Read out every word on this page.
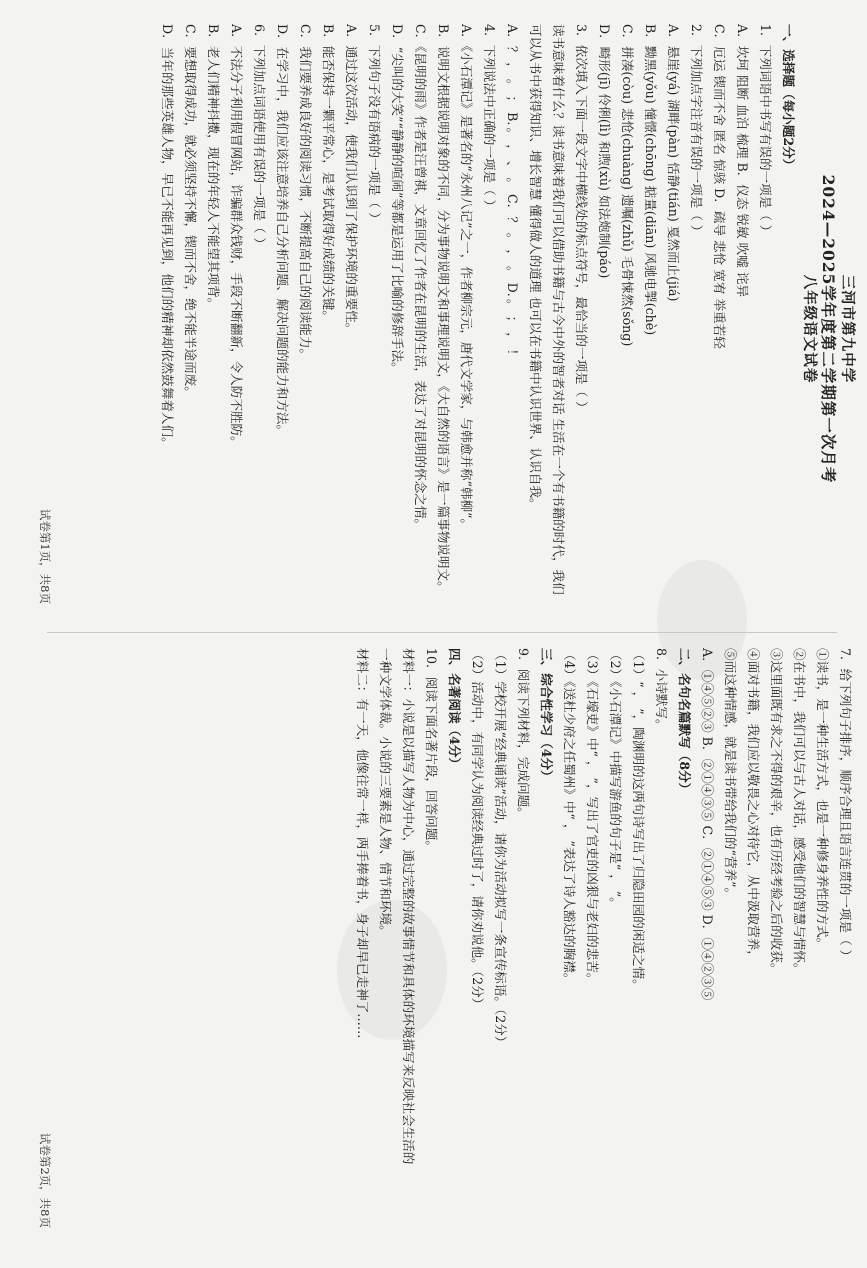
三河市第九中学
2024—2025学年度第二学期第一次月考
八年级语文试卷
一、选择题（每小题2分）
1．下列词语中书写有误的一项是（ ）
A．坎坷 阻断 血泊 梳理 B．仪态 锐敏 吹嘘 诧异
C．厄运 锲而不舍 匿名 惊骇 D．疏导 悲怆 宽宥 举重若轻
2．下列加点字注音有误的一项是（ ）
A．悬崖(yá) 湖畔(pàn) 恬静(tián) 戛然而止(jiá)
B．黝黑(yǒu) 憧憬(chōng) 掂量(diān) 风驰电掣(chè)
C．拼凑(còu) 悲怆(chuàng) 遗嘱(zhǔ) 毛骨悚然(sǒng)
D．畸形(jī) 伶俐(lì) 和煦(xù) 如法炮制(páo)
3．依次填入下面一段文字中横线处的标点符号，最恰当的一项是（ ）
读书意味着什么？读书意味着我们可以借助书籍与古今中外的智者对话 生活在一个有书籍的时代，我们
可以从书中获得知识、增长智慧 懂得做人的道理 也可以在书籍中认识世界、认识自我。
A．？ ， 。 ； B．。 ， 、 。 C．？ 。 ， 。 D．。 ； ， ！
4．下列说法中正确的一项是（ ）
A．《小石潭记》是著名的“永州八记”之一，作者柳宗元，唐代文学家，与韩愈并称“韩柳”。
B．说明文根据说明对象的不同，分为事物说明文和事理说明文，《大自然的语言》是一篇事物说明文。
C．《昆明的雨》作者是汪曾祺，文章回忆了作者在昆明的生活，表达了对昆明的怀念之情。
D．“尖叫的大笑”“静静的喧闹”等都是运用了比喻的修辞手法。
5．下列句子没有语病的一项是（ ）
A．通过这次活动，使我们认识到了保护环境的重要性。
B．能否保持一颗平常心，是考试取得好成绩的关键。
C．我们要养成良好的阅读习惯，不断提高自己的阅读能力。
D．在学习中，我们应该注意培养自己分析问题、解决问题的能力和方法。
6．下列加点词语使用有误的一项是（ ）
A．不法分子利用假冒网站，诈骗群众钱财，手段不断翻新，令人防不胜防。
B．老人们精神抖擞，现在的年轻人不能望其项背。
C．要想取得成功，就必须坚持不懈，锲而不舍，绝不能半途而废。
D．当年的那些英雄人物，早已不能再见到，他们的精神却依然鼓舞着人们。
试卷第1页，共8页
7．给下列句子排序，顺序合理且语言连贯的一项是（ ）
①读书，是一种生活方式，也是一种修身养性的方式。
②在书中，我们可以与古人对话，感受他们的智慧与情怀。
③这里面既有求之不得的艰辛，也有历经考验之后的收获。
④面对书籍，我们应以敬畏之心对待它，从中汲取营养，
⑤而这种情感，就是读书带给我们的“营养”。
A．①④⑤②③ B．②①④③⑤ C．②①④⑤③ D．①④②③⑤
二、名句名篇默写（8分）
8．小诗默写。
（1）“ ， ”，陶渊明的这两句诗写出了归隐田园的闲适之情。
（2）《小石潭记》中描写游鱼的句子是“ ， ”。
（3）《石壕吏》中“ ， ”，写出了官吏的凶狠与老妇的悲苦。
（4）《送杜少府之任蜀州》中“ ， ”表达了诗人豁达的胸襟。
三、综合性学习（4分）
9．阅读下列材料，完成问题。
（1）学校开展“经典诵读”活动，请你为活动拟写一条宣传标语。（2分）
（2）活动中，有同学认为阅读经典过时了，请你劝说他。（2分）
四、名著阅读（4分）
10．阅读下面名著片段，回答问题。
材料一：小说是以描写人物为中心，通过完整的故事情节和具体的环境描写来反映社会生活的
一种文学体裁。小说的三要素是人物、情节和环境。
材料二：有一天，他像往常一样，两手捧着书，身子却早已走神了……
试卷第2页，共8页
